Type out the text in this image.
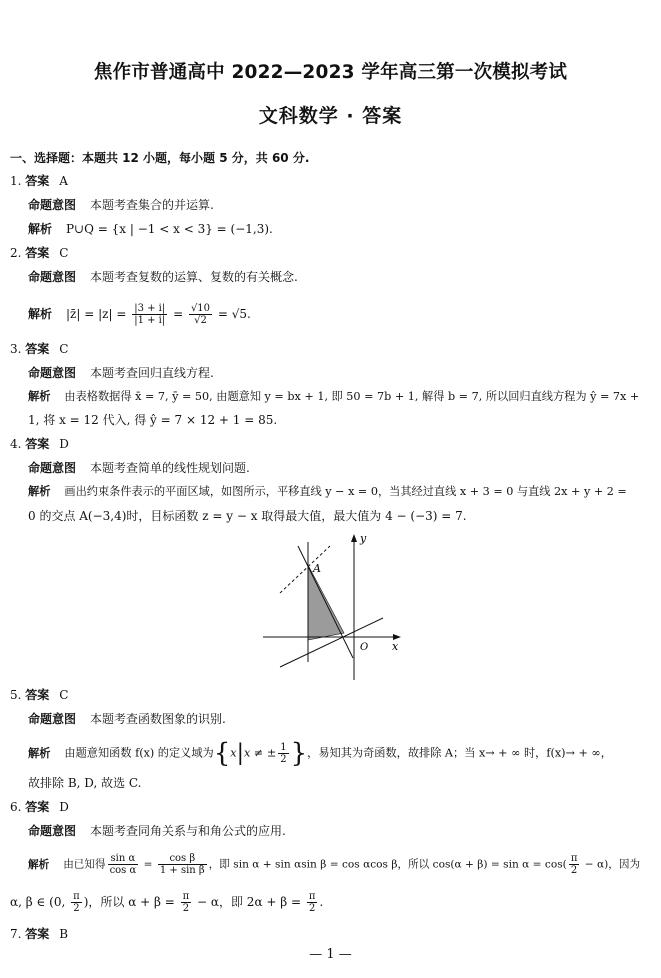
焦作市普通高中 2022—2023 学年高三第一次模拟考试
文科数学 · 答案
一、选择题：本题共 12 小题，每小题 5 分，共 60 分.
1. 答案 A
命题意图 本题考查集合的并运算.
解析 P∪Q = {x | −1 < x < 3} = (−1,3).
2. 答案 C
命题意图 本题考查复数的运算、复数的有关概念.
解析 |z̄| = $|z| = \frac{|3 + i|}{|1 + i|} = \frac{√10}{√2} = √5$.
3. 答案 C
命题意图 本题考查回归直线方程.
解析 由表格数据得 x̄ = 7, ȳ = 50, 由题意知 y = bx + 1, 即 50 = 7b + 1, 解得 b = 7, 所以回归直线方程为 ŷ = 7x +
1, 将 x = 12 代入, 得 ŷ = 7 × 12 + 1 = 85.
4. 答案 D
命题意图 本题考查简单的线性规划问题.
解析 画出约束条件表示的平面区域，如图所示，平移直线 y − x = 0，当其经过直线 x + 3 = 0 与直线 2x + y + 2 =
0 的交点 A(−3,4)时，目标函数 z = y − x 取得最大值，最大值为 4 − (−3) = 7.
A
y
x
O
5. 答案 C
命题意图 本题考查函数图象的识别.
解析 由题意知函数 f(x) 的定义域为{x|x ≠ ± $\frac{1}{2}$ }，易知其为奇函数，故排除 A；当 x→ + ∞ 时，f(x)→ + ∞，
故排除 B, D, 故选 C.
6. 答案 D
命题意图 本题考查同角关系与和角公式的应用.
解析 由已知得 $\frac{\text{sin α}}{\text{cos α}} = \frac{\text{cos β}}{\text{1 + sin β}}$ ，即 sin α + sin αsin β = cos αcos β，所以 $\cos(\alpha + \beta) = \sin \alpha = \cos( \frac{\pi}{2} - \alpha)$，因为
α, β ∈ (0, $\frac{\pi}{2}$ )，所以 $\alpha + \beta = \frac{\pi}{2} - \alpha$，即 $2\alpha + \beta = \frac{\pi}{2}$ .
7. 答案 B
— 1 —
